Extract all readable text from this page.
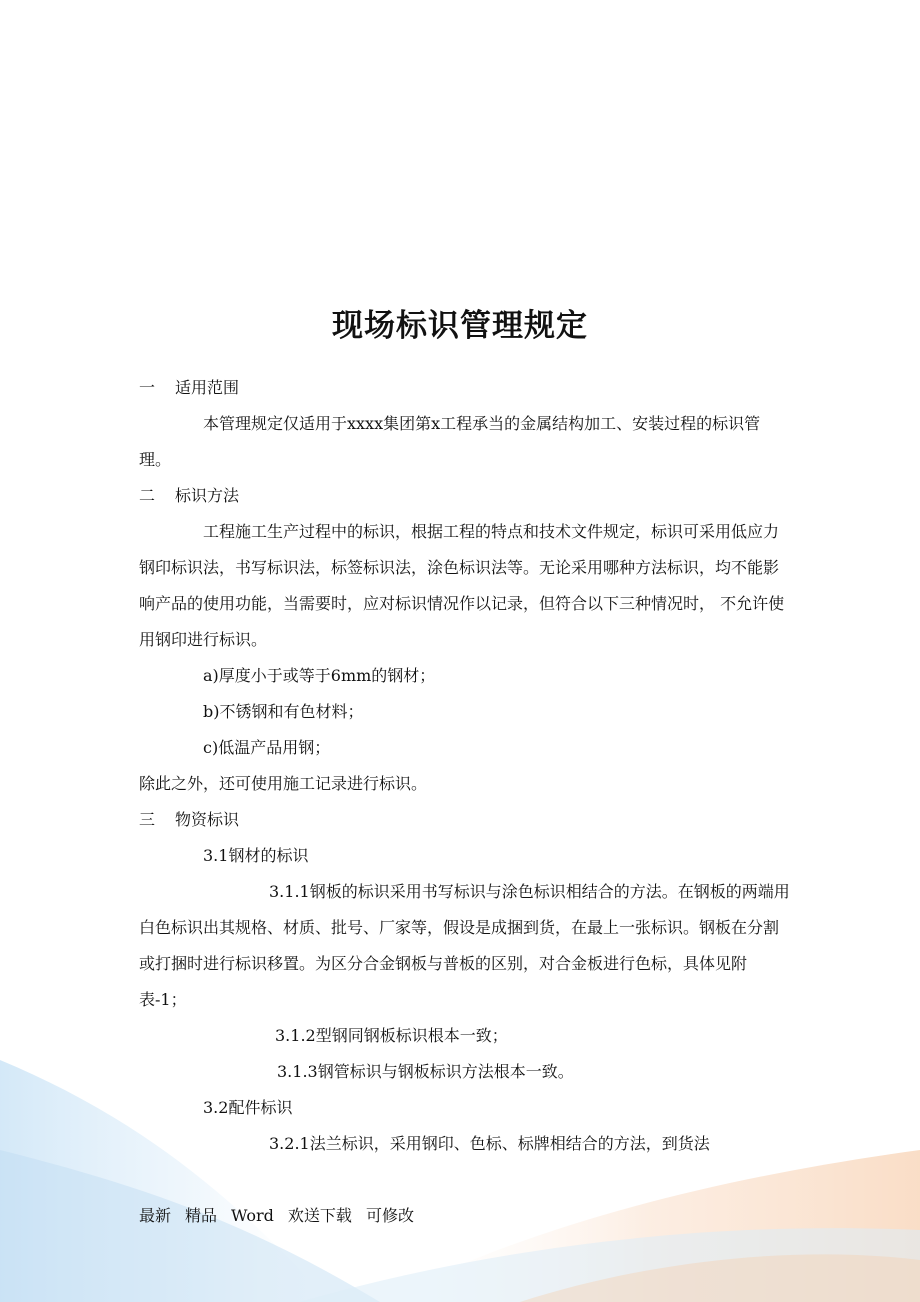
现场标识管理规定

一 适用范围

本管理规定仅适用于xxxx集团第x工程承当的金属结构加工、安装过程的标识管理。

二 标识方法

工程施工生产过程中的标识，根据工程的特点和技术文件规定，标识可采用低应力钢印标识法，书写标识法，标签标识法，涂色标识法等。无论采用哪种方法标识，均不能影响产品的使用功能，当需要时，应对标识情况作以记录，但符合以下三种情况时， 不允许使用钢印进行标识。

a)厚度小于或等于6mm的钢材；

b)不锈钢和有色材料；

c)低温产品用钢；

除此之外，还可使用施工记录进行标识。

三 物资标识

3.1钢材的标识

3.1.1钢板的标识采用书写标识与涂色标识相结合的方法。在钢板的两端用白色标识出其规格、材质、批号、厂家等，假设是成捆到货，在最上一张标识。钢板在分割或打捆时进行标识移置。为区分合金钢板与普板的区别，对合金板进行色标，具体见附表-1；

3.1.2型钢同钢板标识根本一致；

3.1.3钢管标识与钢板标识方法根本一致。

3.2配件标识

3.2.1法兰标识，采用钢印、色标、标牌相结合的方法，到货法

最新 精品 Word 欢送下载 可修改
